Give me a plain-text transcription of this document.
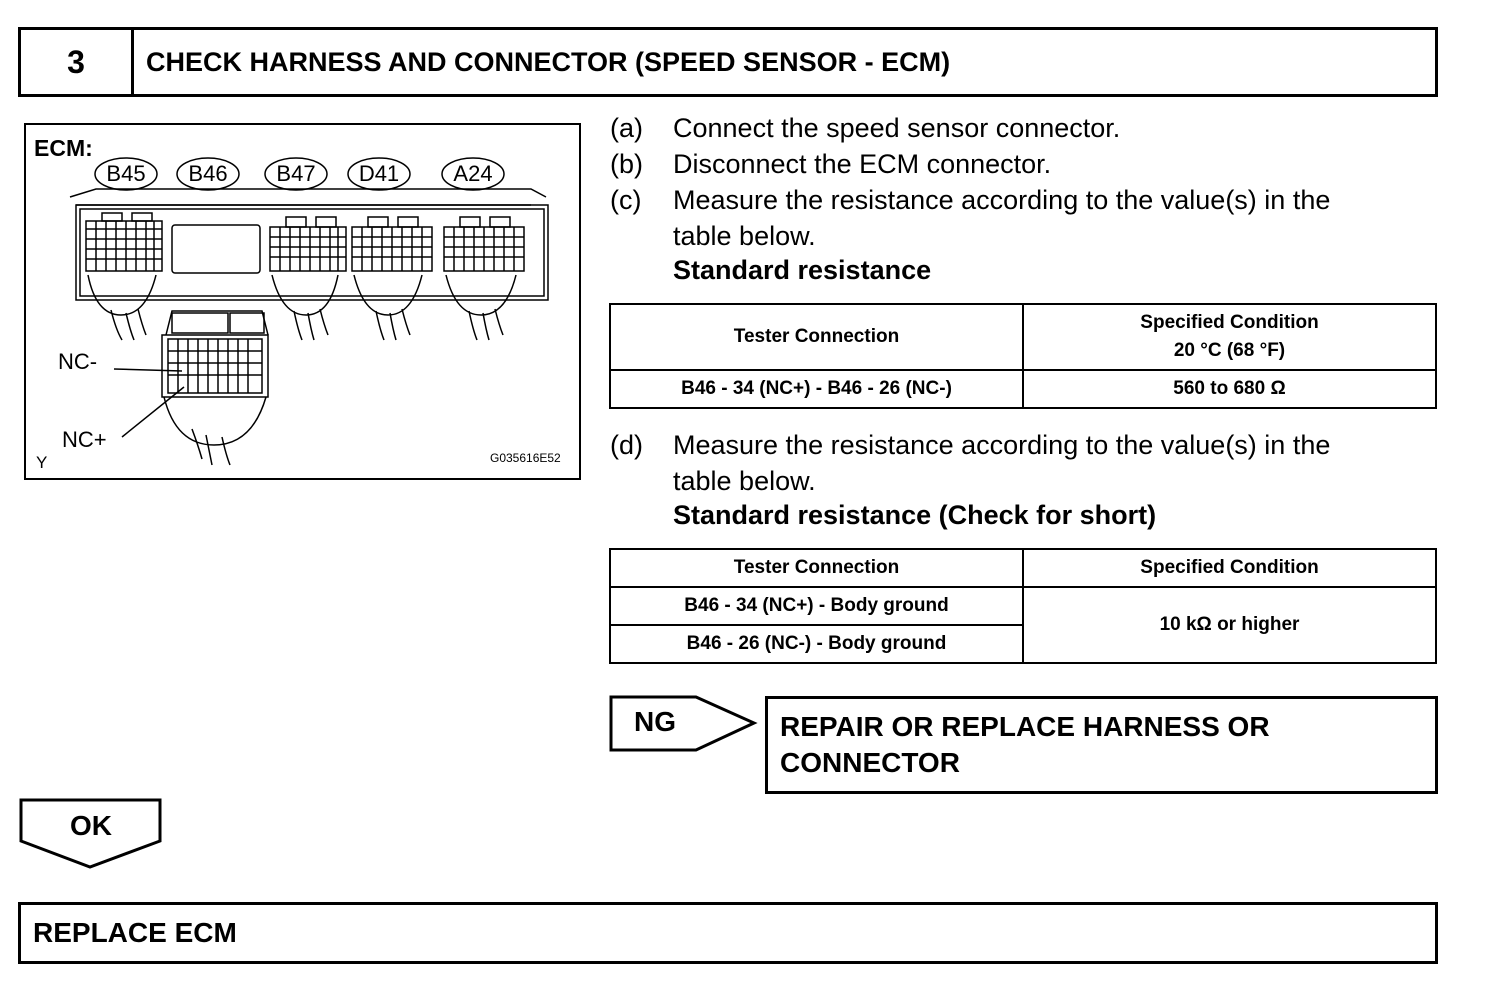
3	CHECK HARNESS AND CONNECTOR (SPEED SENSOR - ECM)
ECM:
B45 B46 B47 D41 A24
NC-
NC+
Y	G035616E52
(a) Connect the speed sensor connector.
(b) Disconnect the ECM connector.
(c) Measure the resistance according to the value(s) in the
table below.
Standard resistance
Tester Connection	Specified Condition
20 °C (68 °F)

B46 - 34 (NC+) - B46 - 26 (NC-)	560 to 680 Ω
(d) Measure the resistance according to the value(s) in the
table below.
Standard resistance (Check for short)
Tester Connection	Specified Condition
B46 - 34 (NC+) - Body ground	10 kΩ or higher
B46 - 26 (NC-) - Body ground	
NG	REPAIR OR REPLACE HARNESS OR
CONNECTOR
OK
REPLACE ECM
